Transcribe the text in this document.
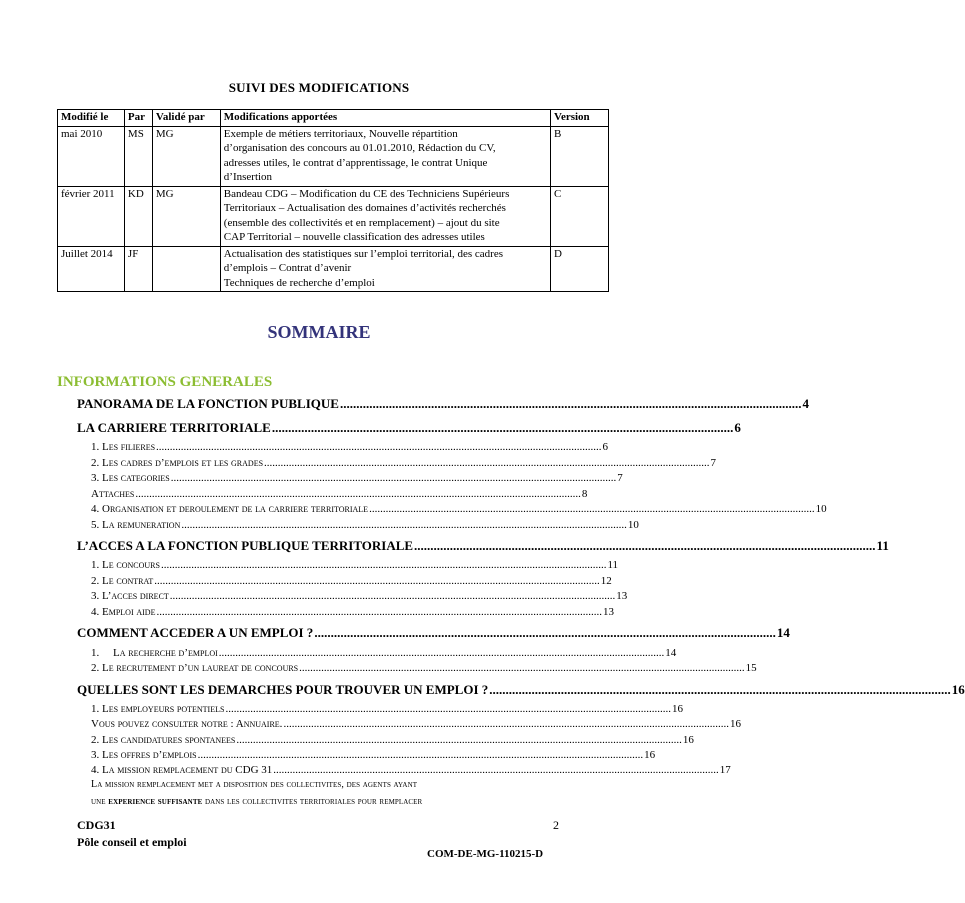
SUIVI DES MODIFICATIONS
Modifié le	Par	Validé par	Modifications apportées	Version
mai 2010	MS	MG	Exemple de métiers territoriaux, Nouvelle répartition
d’organisation des concours au 01.01.2010, Rédaction du CV,
adresses utiles, le contrat d’apprentissage, le contrat Unique
d’Insertion	B
février 2011	KD	MG	Bandeau CDG – Modification du CE des Techniciens Supérieurs
Territoriaux – Actualisation des domaines d’activités recherchés
(ensemble des collectivités et en remplacement) – ajout du site
CAP Territorial – nouvelle classification des adresses utiles	C
Juillet 2014	JF		Actualisation des statistiques sur l’emploi territorial, des cadres
d’emplois – Contrat d’avenir
Techniques de recherche d’emploi	D
SOMMAIRE
INFORMATIONS GENERALES
PANORAMA DE LA FONCTION PUBLIQUE .............................................................................................................................................. 4
LA CARRIERE TERRITORIALE .............................................................................................................................................. 6
1. Les filieres .................................................................................................................................................................. 6
2. Les cadres d’emplois et les grades .................................................................................................................................................................. 7
3. Les categories .................................................................................................................................................................. 7
Attaches .................................................................................................................................................................. 8
4. Organisation et deroulement de la carriere territoriale .................................................................................................................................................................. 10
5. La remuneration .................................................................................................................................................................. 10
L’ACCES A LA FONCTION PUBLIQUE TERRITORIALE .............................................................................................................................................. 11
1. Le concours .................................................................................................................................................................. 11
2. Le contrat .................................................................................................................................................................. 12
3. L’acces direct .................................................................................................................................................................. 13
4. Emploi aide .................................................................................................................................................................. 13
COMMENT ACCEDER A UN EMPLOI ? .............................................................................................................................................. 14
1.     La recherche d’emploi .................................................................................................................................................................. 14
2. Le recrutement d’un laureat de concours .................................................................................................................................................................. 15
QUELLES SONT LES DEMARCHES POUR TROUVER UN EMPLOI ? .............................................................................................................................................. 16
1. Les employeurs potentiels .................................................................................................................................................................. 16
Vous pouvez consulter notre : Annuaire. .................................................................................................................................................................. 16
2. Les candidatures spontanees .................................................................................................................................................................. 16
3. Les offres d’emplois .................................................................................................................................................................. 16
4. La mission remplacement du CDG 31 .................................................................................................................................................................. 17
La mission remplacement met a disposition des collectivites, des agents ayant
une experience suffisante dans les collectivites territoriales pour remplacer
CDG31
Pôle conseil et emploi
2
COM-DE-MG-110215-D
